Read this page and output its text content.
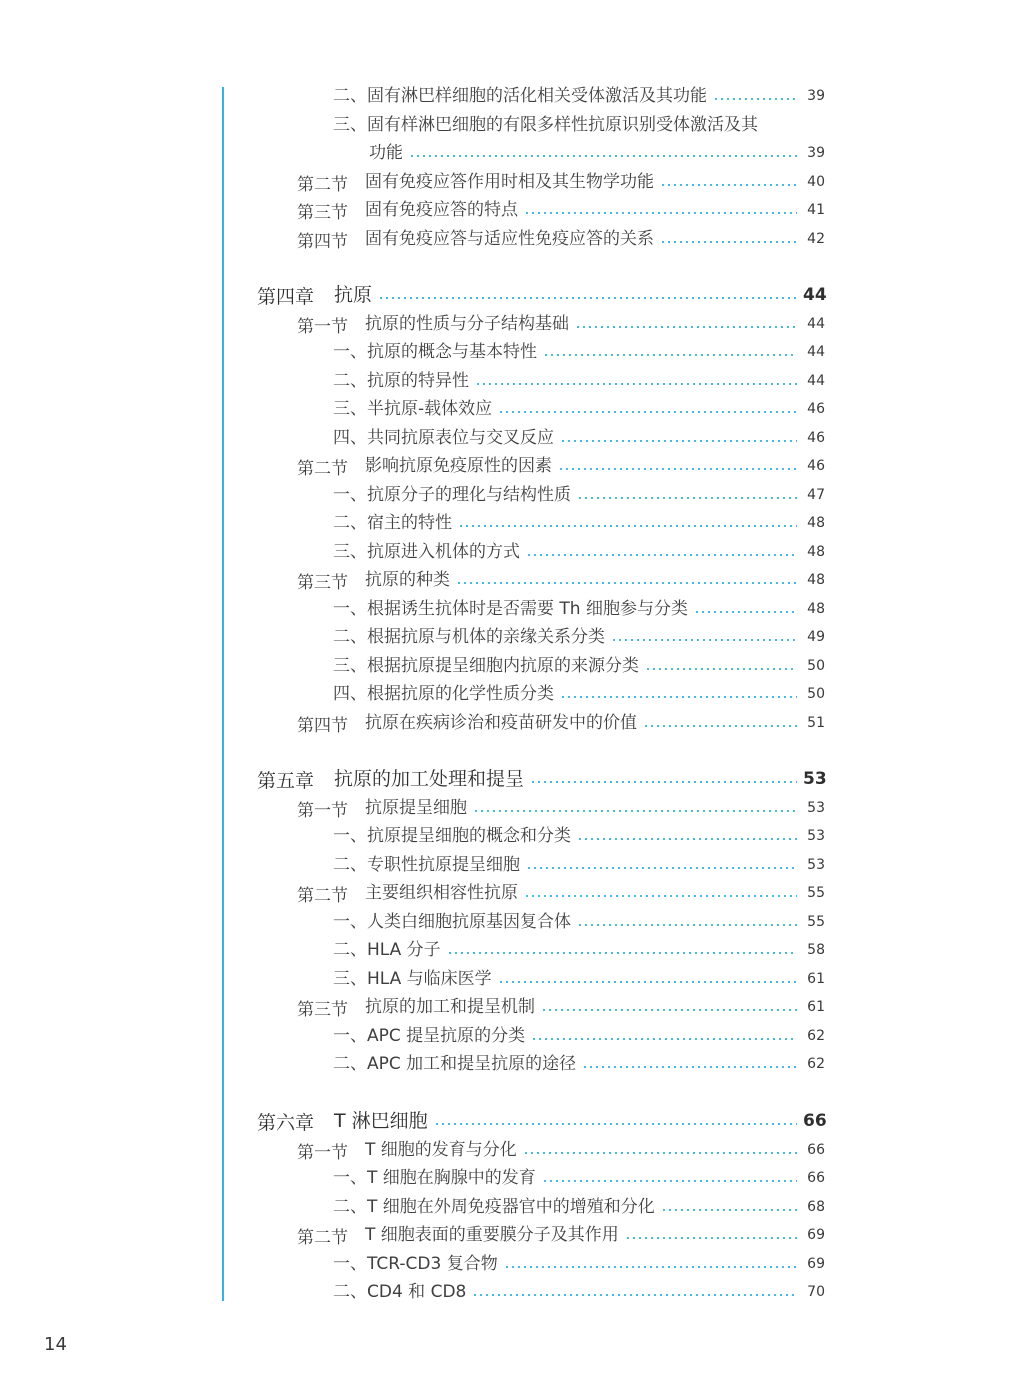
二、固有淋巴样细胞的活化相关受体激活及其功能	39
三、固有样淋巴细胞的有限多样性抗原识别受体激活及其
功能	39
第二节 固有免疫应答作用时相及其生物学功能	40
第三节 固有免疫应答的特点	41
第四节 固有免疫应答与适应性免疫应答的关系	42
第四章 抗原	44
第一节 抗原的性质与分子结构基础	44
一、抗原的概念与基本特性	44
二、抗原的特异性	44
三、半抗原-载体效应	46
四、共同抗原表位与交叉反应	46
第二节 影响抗原免疫原性的因素	46
一、抗原分子的理化与结构性质	47
二、宿主的特性	48
三、抗原进入机体的方式	48
第三节 抗原的种类	48
一、根据诱生抗体时是否需要 Th 细胞参与分类	48
二、根据抗原与机体的亲缘关系分类	49
三、根据抗原提呈细胞内抗原的来源分类	50
四、根据抗原的化学性质分类	50
第四节 抗原在疾病诊治和疫苗研发中的价值	51
第五章 抗原的加工处理和提呈	53
第一节 抗原提呈细胞	53
一、抗原提呈细胞的概念和分类	53
二、专职性抗原提呈细胞	53
第二节 主要组织相容性抗原	55
一、人类白细胞抗原基因复合体	55
二、HLA 分子	58
三、HLA 与临床医学	61
第三节 抗原的加工和提呈机制	61
一、APC 提呈抗原的分类	62
二、APC 加工和提呈抗原的途径	62
第六章 T 淋巴细胞	66
第一节 T 细胞的发育与分化	66
一、T 细胞在胸腺中的发育	66
二、T 细胞在外周免疫器官中的增殖和分化	68
第二节 T 细胞表面的重要膜分子及其作用	69
一、TCR-CD3 复合物	69
二、CD4 和 CD8	70
14
